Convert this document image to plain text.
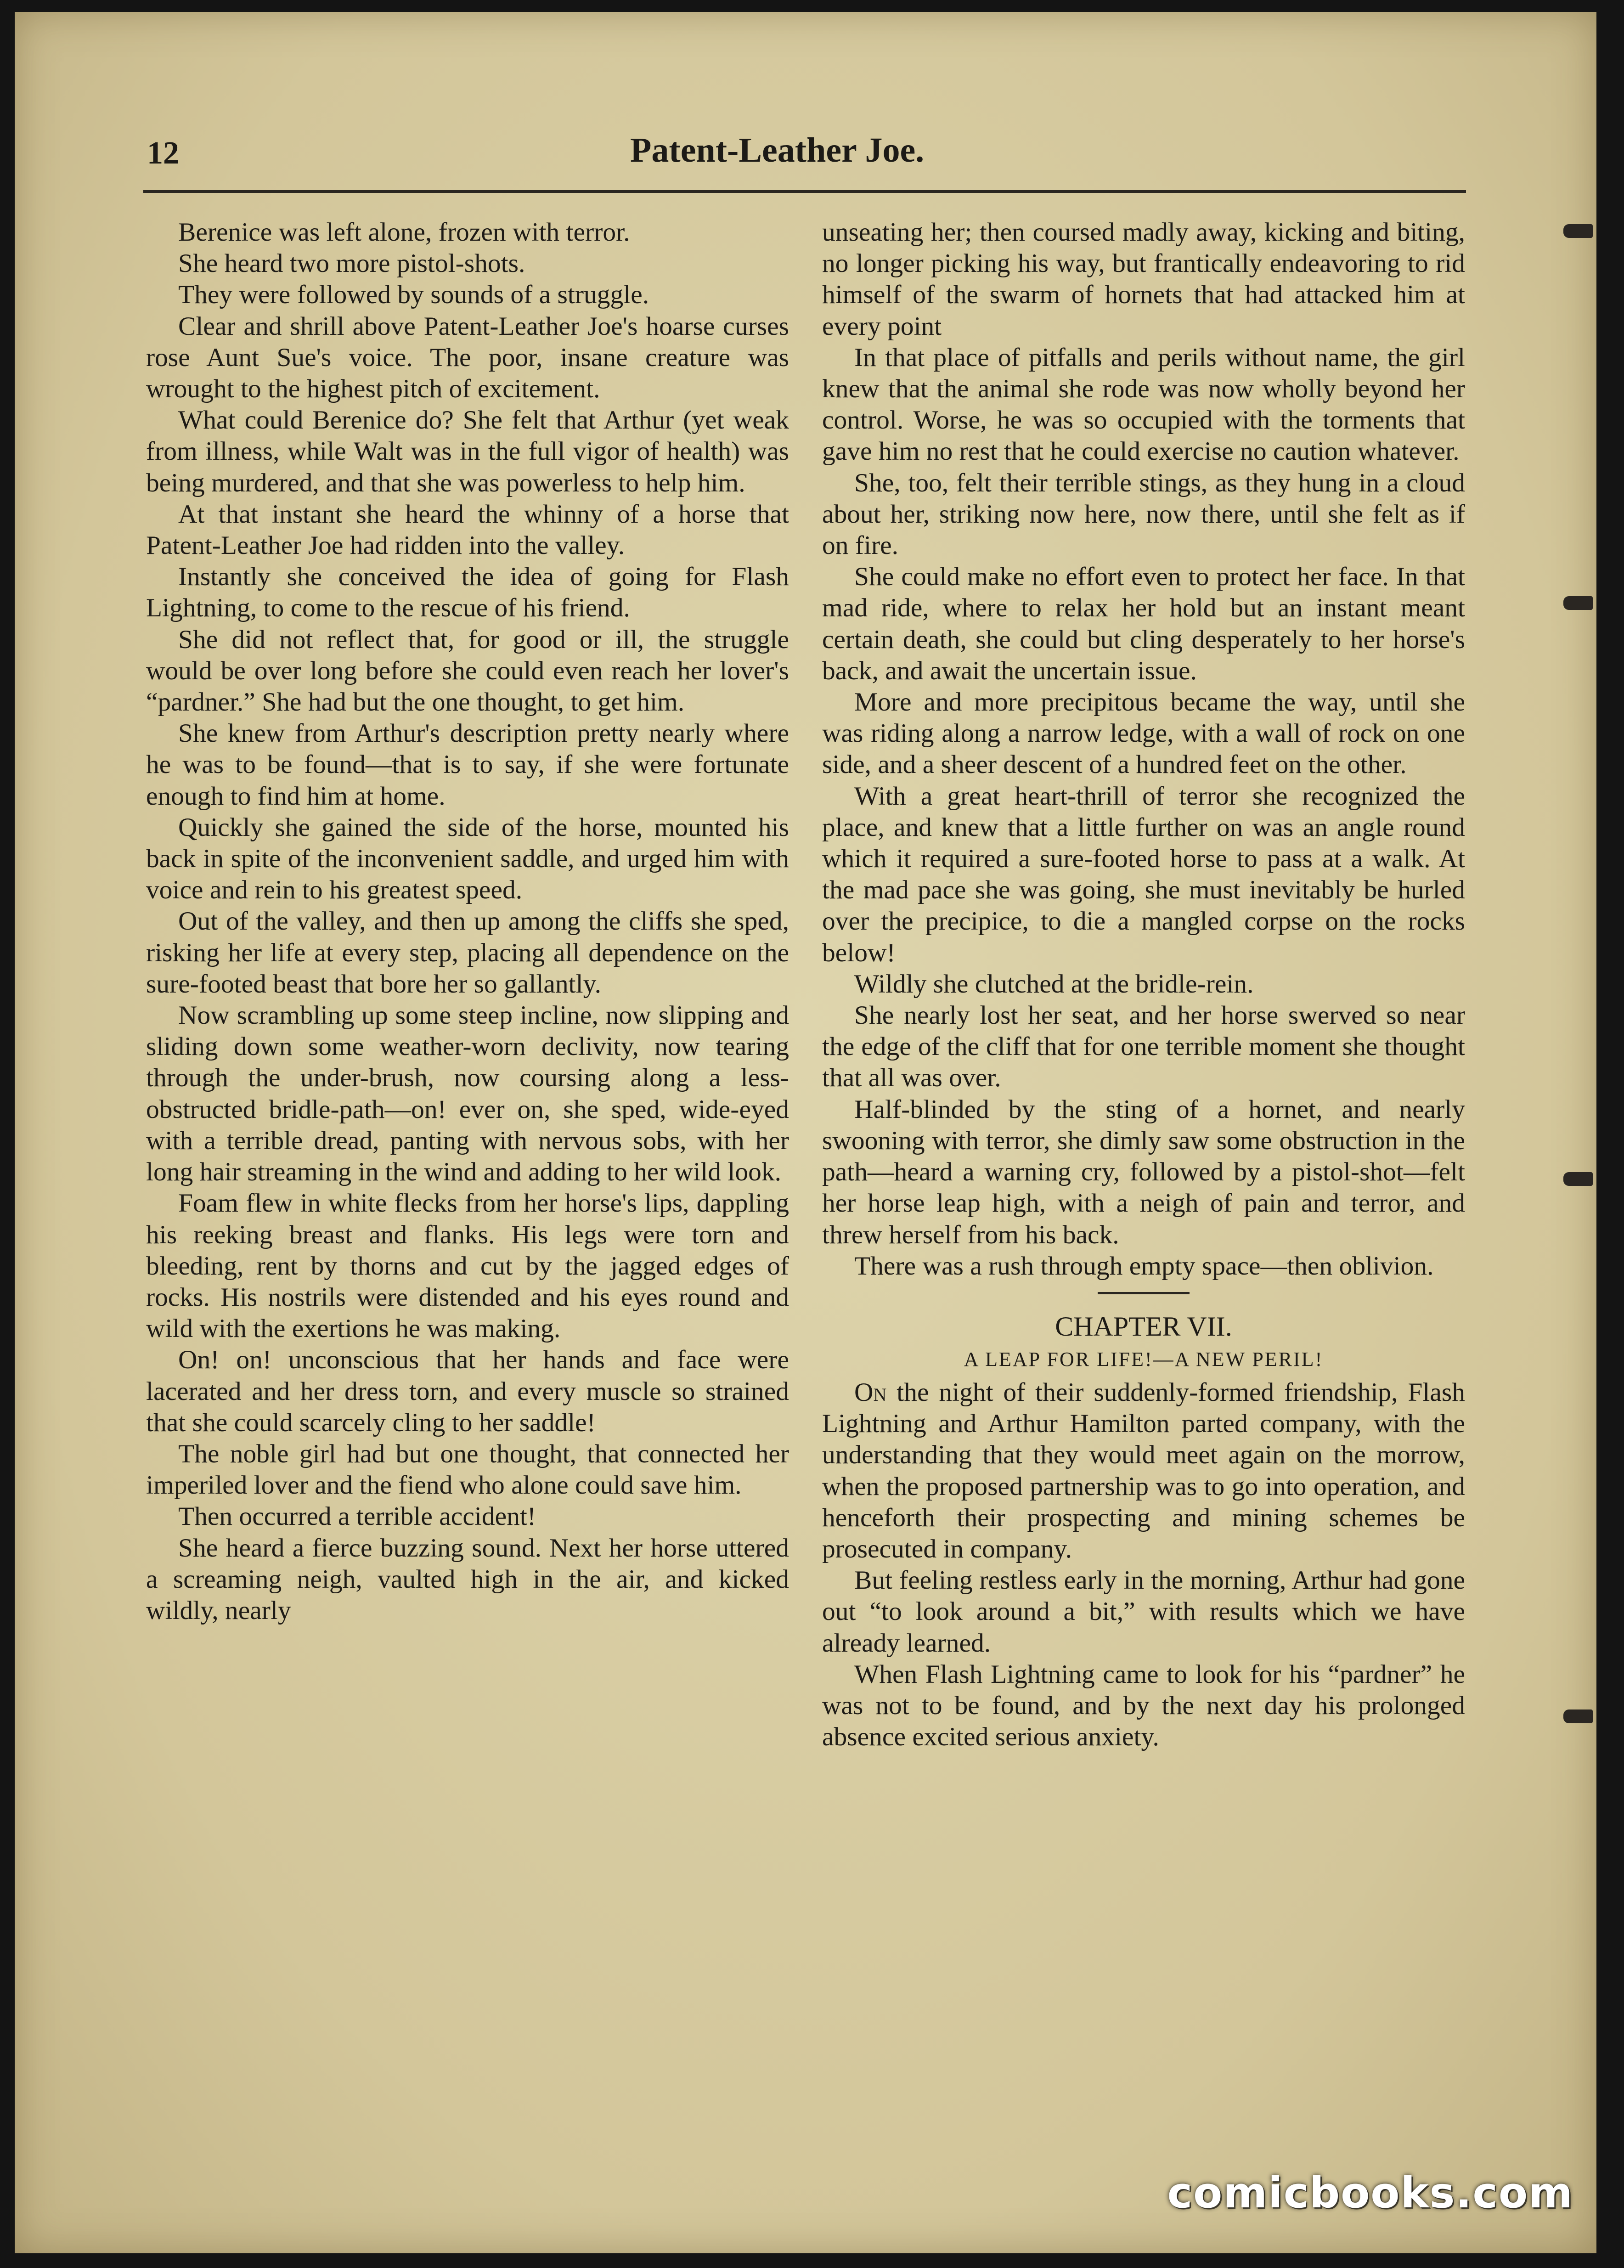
12	Patent-Leather Joe.

Berenice was left alone, frozen with terror.

She heard two more pistol-shots.

They were followed by sounds of a struggle.

Clear and shrill above Patent-Leather Joe's hoarse curses rose Aunt Sue's voice. The poor, insane creature was wrought to the highest pitch of excitement.

What could Berenice do? She felt that Arthur (yet weak from illness, while Walt was in the full vigor of health) was being murdered, and that she was powerless to help him.

At that instant she heard the whinny of a horse that Patent-Leather Joe had ridden into the valley.

Instantly she conceived the idea of going for Flash Lightning, to come to the rescue of his friend.

She did not reflect that, for good or ill, the struggle would be over long before she could even reach her lover's “pardner.” She had but the one thought, to get him.

She knew from Arthur's description pretty nearly where he was to be found—that is to say, if she were fortunate enough to find him at home.

Quickly she gained the side of the horse, mounted his back in spite of the inconvenient saddle, and urged him with voice and rein to his greatest speed.

Out of the valley, and then up among the cliffs she sped, risking her life at every step, placing all dependence on the sure-footed beast that bore her so gallantly.

Now scrambling up some steep incline, now slipping and sliding down some weather-worn declivity, now tearing through the under-brush, now coursing along a less-obstructed bridle-path—on! ever on, she sped, wide-eyed with a terrible dread, panting with nervous sobs, with her long hair streaming in the wind and adding to her wild look.

Foam flew in white flecks from her horse's lips, dappling his reeking breast and flanks. His legs were torn and bleeding, rent by thorns and cut by the jagged edges of rocks. His nostrils were distended and his eyes round and wild with the exertions he was making.

On! on! unconscious that her hands and face were lacerated and her dress torn, and every muscle so strained that she could scarcely cling to her saddle!

The noble girl had but one thought, that connected her imperiled lover and the fiend who alone could save him.

Then occurred a terrible accident!

She heard a fierce buzzing sound. Next her horse uttered a screaming neigh, vaulted high in the air, and kicked wildly, nearly

unseating her; then coursed madly away, kicking and biting, no longer picking his way, but frantically endeavoring to rid himself of the swarm of hornets that had attacked him at every point

In that place of pitfalls and perils without name, the girl knew that the animal she rode was now wholly beyond her control. Worse, he was so occupied with the torments that gave him no rest that he could exercise no caution whatever.

She, too, felt their terrible stings, as they hung in a cloud about her, striking now here, now there, until she felt as if on fire.

She could make no effort even to protect her face. In that mad ride, where to relax her hold but an instant meant certain death, she could but cling desperately to her horse's back, and await the uncertain issue.

More and more precipitous became the way, until she was riding along a narrow ledge, with a wall of rock on one side, and a sheer descent of a hundred feet on the other.

With a great heart-thrill of terror she recognized the place, and knew that a little further on was an angle round which it required a sure-footed horse to pass at a walk. At the mad pace she was going, she must inevitably be hurled over the precipice, to die a mangled corpse on the rocks below!

Wildly she clutched at the bridle-rein.

She nearly lost her seat, and her horse swerved so near the edge of the cliff that for one terrible moment she thought that all was over.

Half-blinded by the sting of a hornet, and nearly swooning with terror, she dimly saw some obstruction in the path—heard a warning cry, followed by a pistol-shot—felt her horse leap high, with a neigh of pain and terror, and threw herself from his back.

There was a rush through empty space—then oblivion.

CHAPTER VII.
A LEAP FOR LIFE!—A NEW PERIL!

On the night of their suddenly-formed friendship, Flash Lightning and Arthur Hamilton parted company, with the understanding that they would meet again on the morrow, when the proposed partnership was to go into operation, and henceforth their prospecting and mining schemes be prosecuted in company.

But feeling restless early in the morning, Arthur had gone out “to look around a bit,” with results which we have already learned.

When Flash Lightning came to look for his “pardner” he was not to be found, and by the next day his prolonged absence excited serious anxiety.

comicbooks.com
